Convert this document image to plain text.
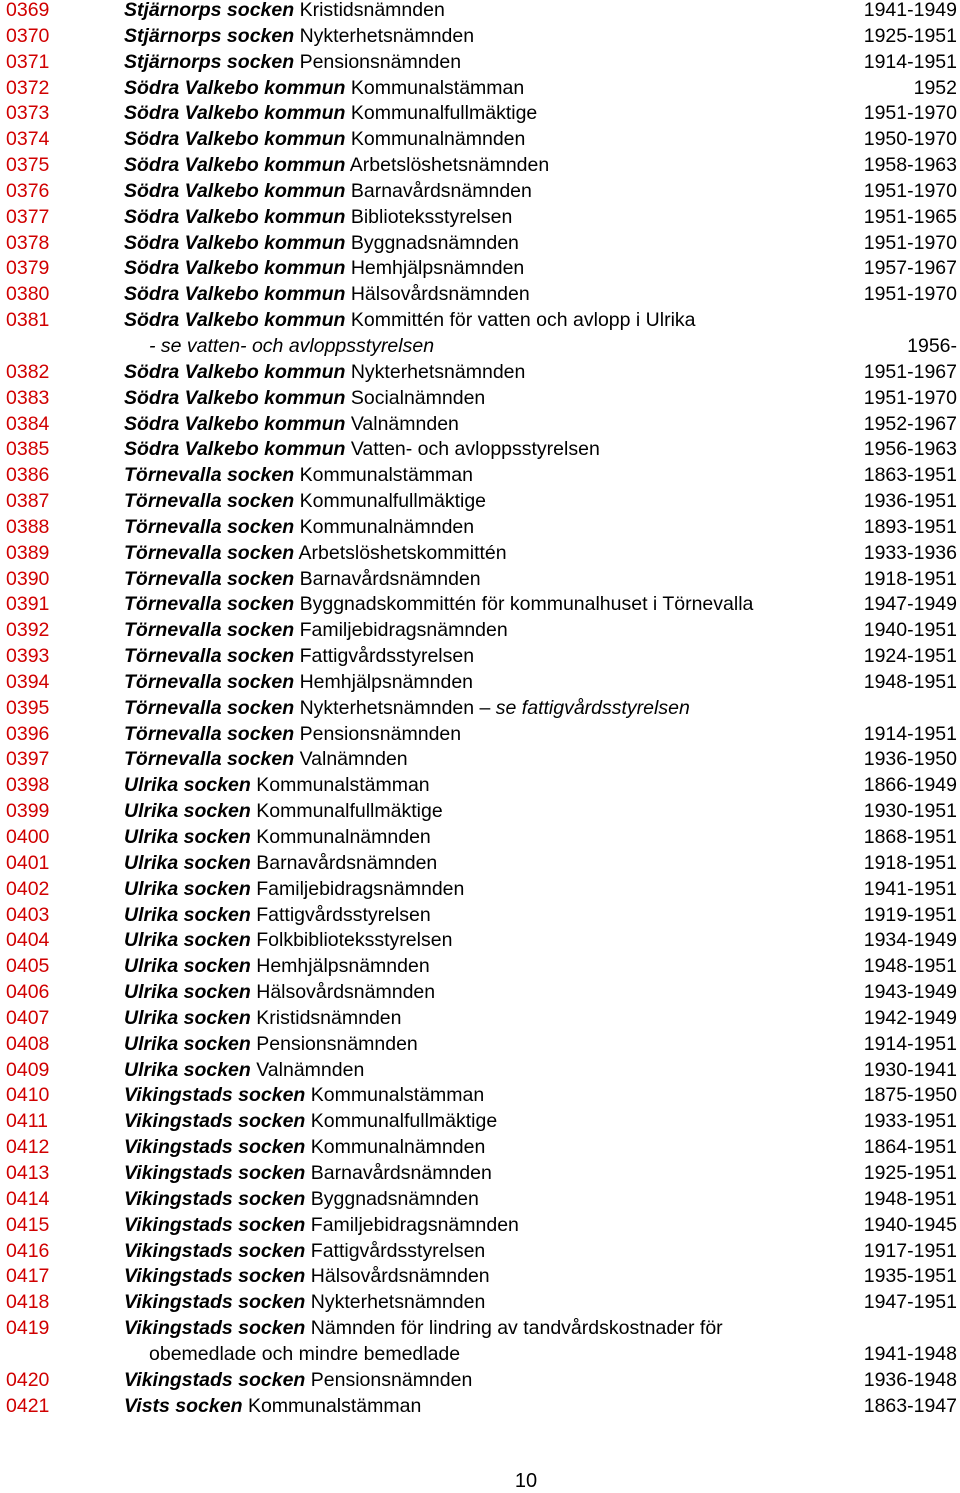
0369	Stjärnorps socken Kristidsnämnden	1941-1949
0370	Stjärnorps socken Nykterhetsnämnden	1925-1951
0371	Stjärnorps socken Pensionsnämnden	1914-1951
0372	Södra Valkebo kommun Kommunalstämman	1952
0373	Södra Valkebo kommun Kommunalfullmäktige	1951-1970
0374	Södra Valkebo kommun Kommunalnämnden	1950-1970
0375	Södra Valkebo kommun Arbetslöshetsnämnden	1958-1963
0376	Södra Valkebo kommun Barnavårdsnämnden	1951-1970
0377	Södra Valkebo kommun Biblioteksstyrelsen	1951-1965
0378	Södra Valkebo kommun Byggnadsnämnden	1951-1970
0379	Södra Valkebo kommun Hemhjälpsnämnden	1957-1967
0380	Södra Valkebo kommun Hälsovårdsnämnden	1951-1970
0381	Södra Valkebo kommun Kommittén för vatten och avlopp i Ulrika
- se vatten- och avloppsstyrelsen	1956-
0382	Södra Valkebo kommun Nykterhetsnämnden	1951-1967
0383	Södra Valkebo kommun Socialnämnden	1951-1970
0384	Södra Valkebo kommun Valnämnden	1952-1967
0385	Södra Valkebo kommun Vatten- och avloppsstyrelsen	1956-1963
0386	Törnevalla socken Kommunalstämman	1863-1951
0387	Törnevalla socken Kommunalfullmäktige	1936-1951
0388	Törnevalla socken Kommunalnämnden	1893-1951
0389	Törnevalla socken Arbetslöshetskommittén	1933-1936
0390	Törnevalla socken Barnavårdsnämnden	1918-1951
0391	Törnevalla socken Byggnadskommittén för kommunalhuset i Törnevalla	1947-1949
0392	Törnevalla socken Familjebidragsnämnden	1940-1951
0393	Törnevalla socken Fattigvårdsstyrelsen	1924-1951
0394	Törnevalla socken Hemhjälpsnämnden	1948-1951
0395	Törnevalla socken Nykterhetsnämnden – se fattigvårdsstyrelsen
0396	Törnevalla socken Pensionsnämnden	1914-1951
0397	Törnevalla socken Valnämnden	1936-1950
0398	Ulrika socken Kommunalstämman	1866-1949
0399	Ulrika socken Kommunalfullmäktige	1930-1951
0400	Ulrika socken Kommunalnämnden	1868-1951
0401	Ulrika socken Barnavårdsnämnden	1918-1951
0402	Ulrika socken Familjebidragsnämnden	1941-1951
0403	Ulrika socken Fattigvårdsstyrelsen	1919-1951
0404	Ulrika socken Folkbiblioteksstyrelsen	1934-1949
0405	Ulrika socken Hemhjälpsnämnden	1948-1951
0406	Ulrika socken Hälsovårdsnämnden	1943-1949
0407	Ulrika socken Kristidsnämnden	1942-1949
0408	Ulrika socken Pensionsnämnden	1914-1951
0409	Ulrika socken Valnämnden	1930-1941
0410	Vikingstads socken Kommunalstämman	1875-1950
0411	Vikingstads socken Kommunalfullmäktige	1933-1951
0412	Vikingstads socken Kommunalnämnden	1864-1951
0413	Vikingstads socken Barnavårdsnämnden	1925-1951
0414	Vikingstads socken Byggnadsnämnden	1948-1951
0415	Vikingstads socken Familjebidragsnämnden	1940-1945
0416	Vikingstads socken Fattigvårdsstyrelsen	1917-1951
0417	Vikingstads socken Hälsovårdsnämnden	1935-1951
0418	Vikingstads socken Nykterhetsnämnden	1947-1951
0419	Vikingstads socken Nämnden för lindring av tandvårdskostnader för
obemedlade och mindre bemedlade	1941-1948
0420	Vikingstads socken Pensionsnämnden	1936-1948
0421	Vists socken Kommunalstämman	1863-1947
10
